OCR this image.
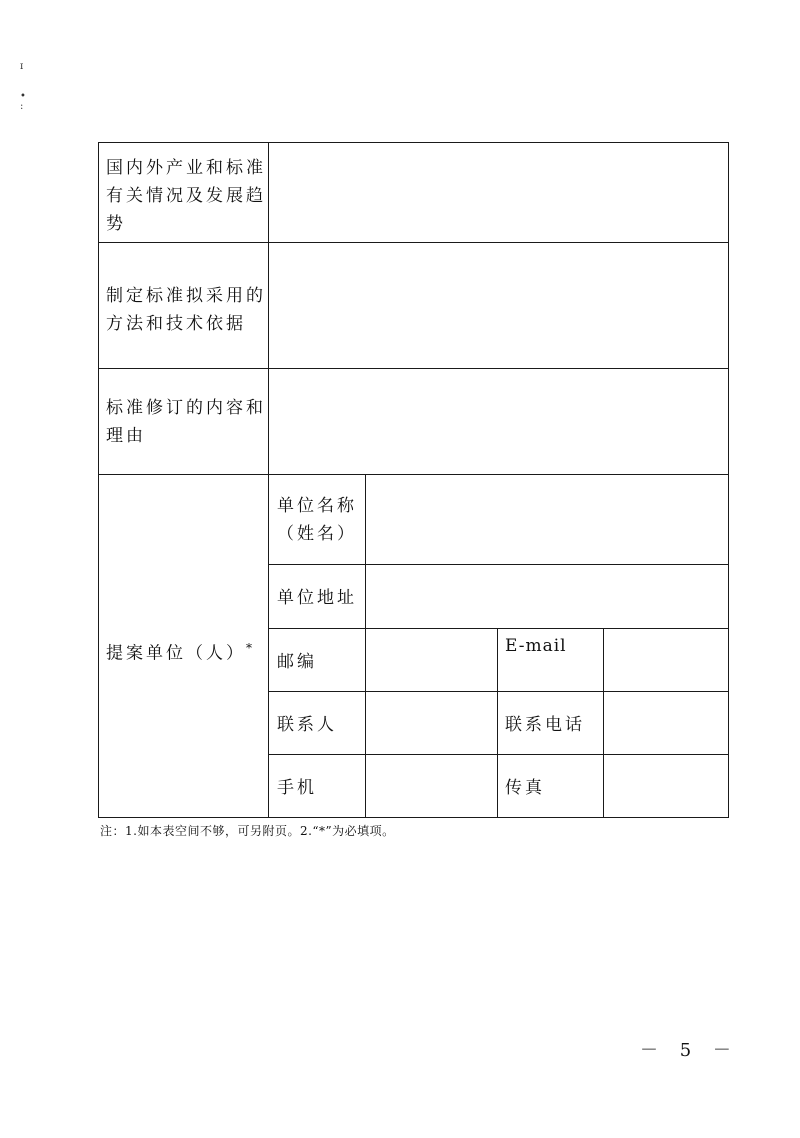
ɪ
•
:
国内外产业和标准
有关情况及发展趋
势
制定标准拟采用的
方法和技术依据
标准修订的内容和
理由
提案单位（人）*
单位名称
（姓名）
单位地址
邮编
E-mail
联系人	联系电话
手机	传真
注：1.如本表空间不够，可另附页。2.“*”为必填项。
－ 5 －
